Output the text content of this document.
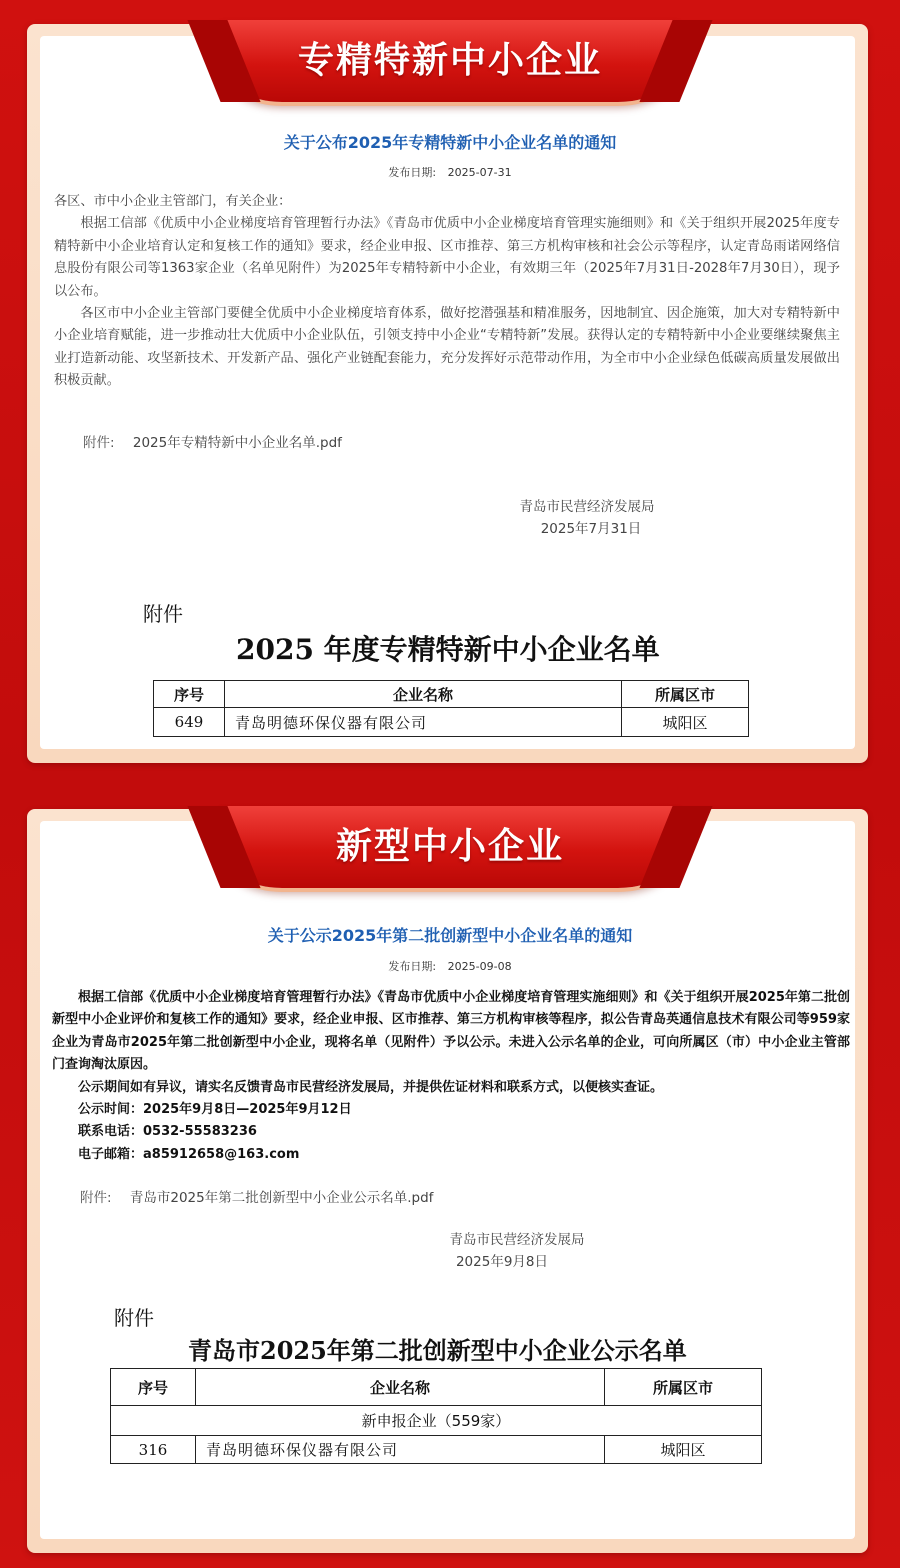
专精特新中小企业
关于公布2025年专精特新中小企业名单的通知
发布日期: 2025-07-31

各区、市中小企业主管部门，有关企业：

根据工信部《优质中小企业梯度培育管理暂行办法》《青岛市优质中小企业梯度培育管理实施细则》和《关于组织开展2025年度专精特新中小企业培育认定和复核工作的通知》要求，经企业申报、区市推荐、第三方机构审核和社会公示等程序，认定青岛雨诺网络信息股份有限公司等1363家企业（名单见附件）为2025年专精特新中小企业，有效期三年（2025年7月31日-2028年7月30日），现予以公布。

各区市中小企业主管部门要健全优质中小企业梯度培育体系，做好挖潜强基和精准服务，因地制宜、因企施策，加大对专精特新中小企业培育赋能，进一步推动壮大优质中小企业队伍，引领支持中小企业“专精特新”发展。获得认定的专精特新中小企业要继续聚焦主业打造新动能、攻坚新技术、开发新产品、强化产业链配套能力，充分发挥好示范带动作用，为全市中小企业绿色低碳高质量发展做出积极贡献。

附件: 2025年专精特新中小企业名单.pdf
青岛市民营经济发展局
2025年7月31日
附件
2025 年度专精特新中小企业名单
序号	企业名称	所属区市
649	青岛明德环保仪器有限公司	城阳区
新型中小企业
关于公示2025年第二批创新型中小企业名单的通知
发布日期: 2025-09-08

根据工信部《优质中小企业梯度培育管理暂行办法》《青岛市优质中小企业梯度培育管理实施细则》和《关于组织开展2025年第二批创新型中小企业评价和复核工作的通知》要求，经企业申报、区市推荐、第三方机构审核等程序，拟公告青岛英通信息技术有限公司等959家企业为青岛市2025年第二批创新型中小企业，现将名单（见附件）予以公示。未进入公示名单的企业，可向所属区（市）中小企业主管部门查询淘汰原因。

公示期间如有异议，请实名反馈青岛市民营经济发展局，并提供佐证材料和联系方式，以便核实查证。

公示时间：2025年9月8日—2025年9月12日

联系电话：0532-55583236

电子邮箱：a85912658@163.com

附件: 青岛市2025年第二批创新型中小企业公示名单.pdf
青岛市民营经济发展局
2025年9月8日
附件
青岛市2025年第二批创新型中小企业公示名单
序号	企业名称	所属区市
新申报企业（559家）		
316	青岛明德环保仪器有限公司	城阳区
